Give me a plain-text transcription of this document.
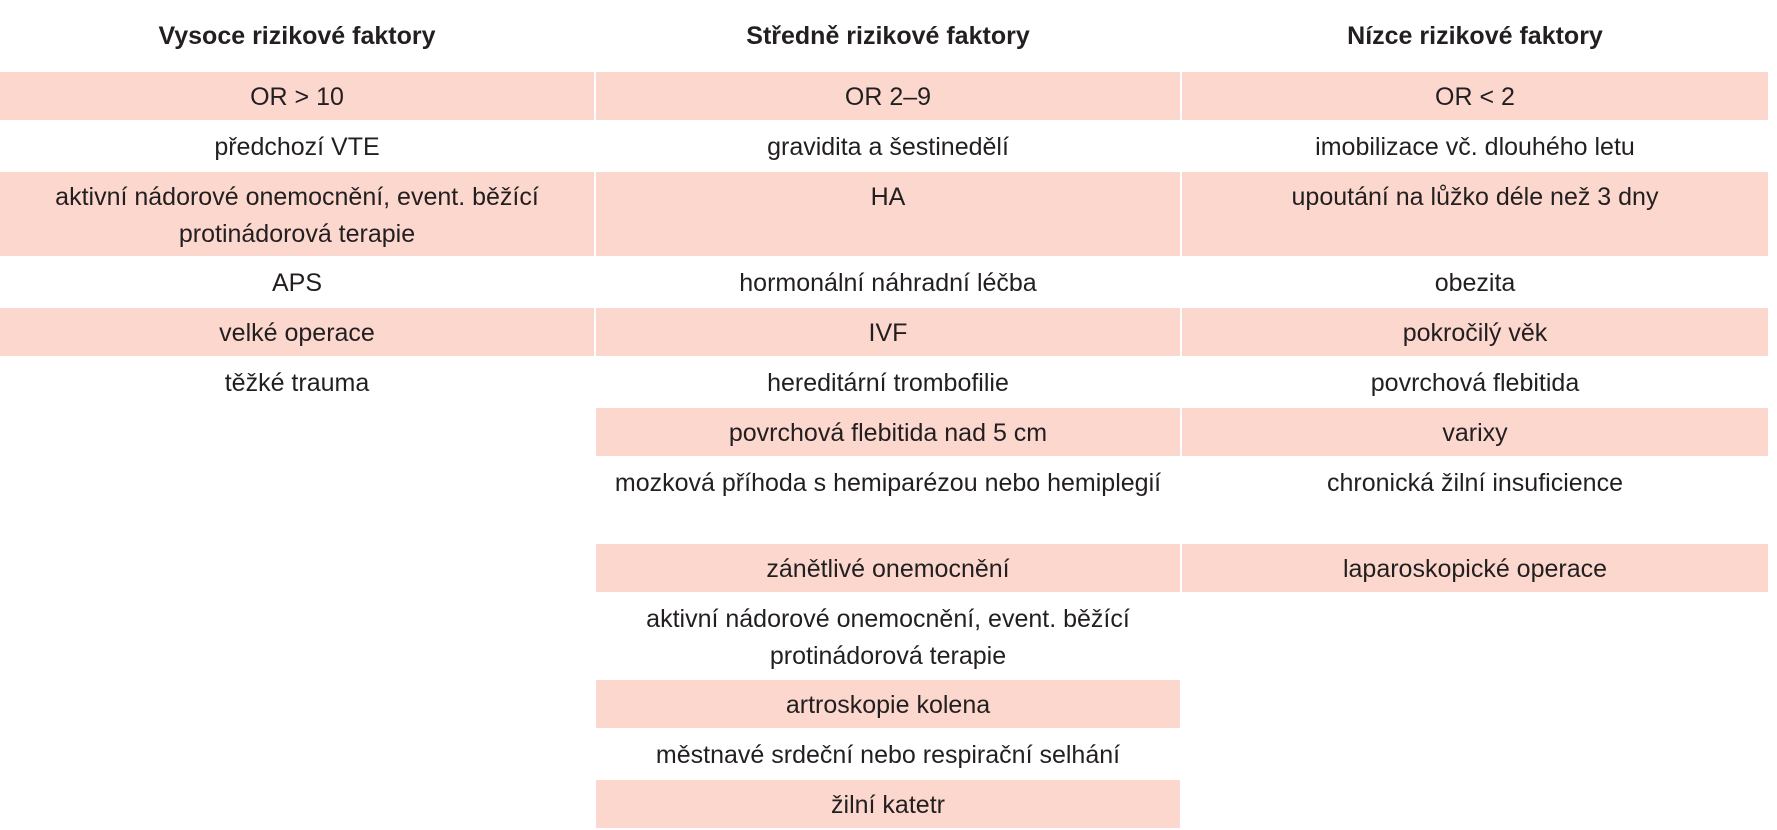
Vysoce rizikové faktory
OR > 10
předchozí VTE
aktivní nádorové onemocnění, event. běžící protinádorová terapie
APS
velké operace
těžké trauma
Středně rizikové faktory
OR 2–9
gravidita a šestinedělí
HA
hormonální náhradní léčba
IVF
hereditární trombofilie
povrchová flebitida nad 5 cm
mozková příhoda s hemiparézou nebo hemiplegií
zánětlivé onemocnění
aktivní nádorové onemocnění, event. běžící protinádorová terapie
artroskopie kolena
městnavé srdeční nebo respirační selhání
žilní katetr
Nízce rizikové faktory
OR < 2
imobilizace vč. dlouhého letu
upoutání na lůžko déle než 3 dny
obezita
pokročilý věk
povrchová flebitida
varixy
chronická žilní insuficience
laparoskopické operace
